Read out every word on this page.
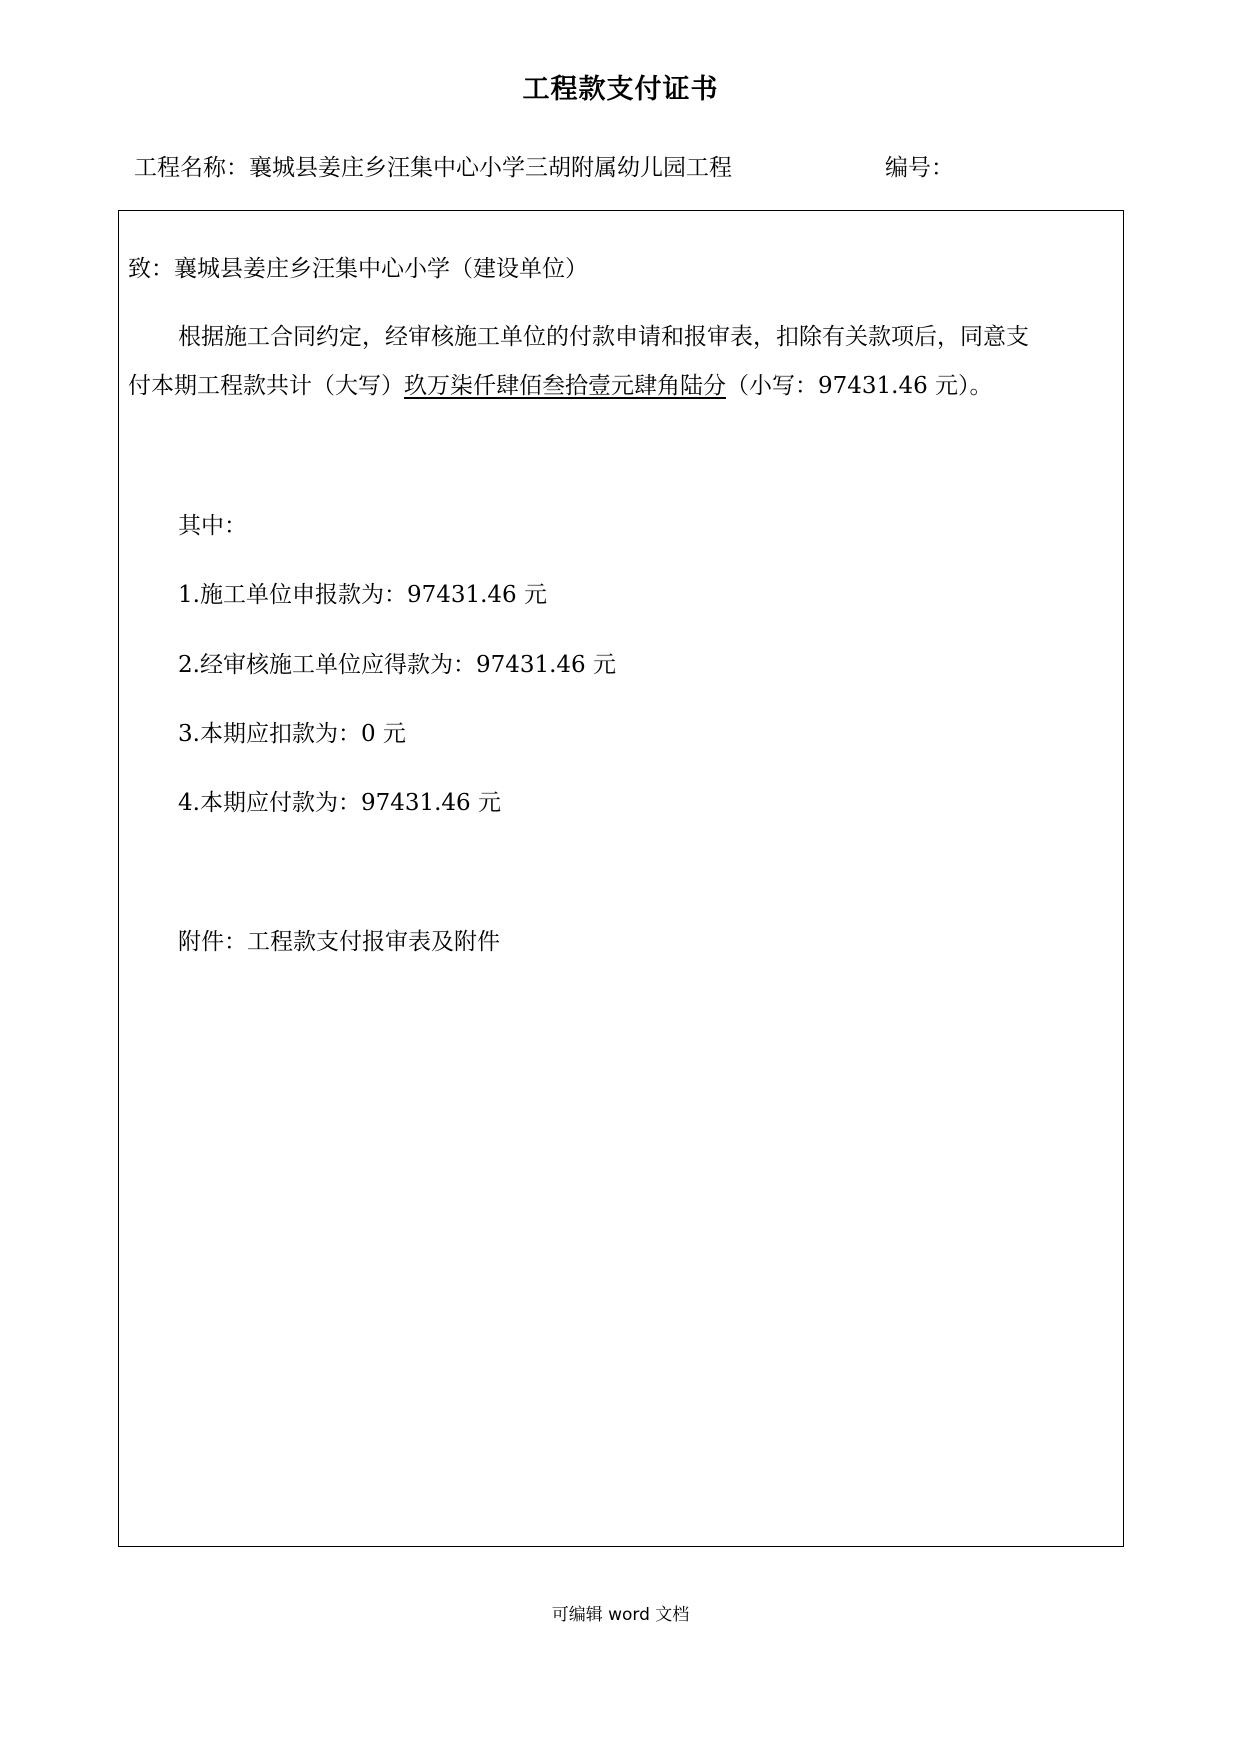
工程款支付证书
工程名称：襄城县姜庄乡汪集中心小学三胡附属幼儿园工程	编号：
致：襄城县姜庄乡汪集中心小学（建设单位）
根据施工合同约定，经审核施工单位的付款申请和报审表，扣除有关款项后，同意支
付本期工程款共计（大写）玖万柒仟肆佰叁拾壹元肆角陆分（小写：97431.46 元）。
其中：
1.施工单位申报款为：97431.46 元
2.经审核施工单位应得款为：97431.46 元
3.本期应扣款为：0 元
4.本期应付款为：97431.46 元
附件：工程款支付报审表及附件
可编辑 word 文档
